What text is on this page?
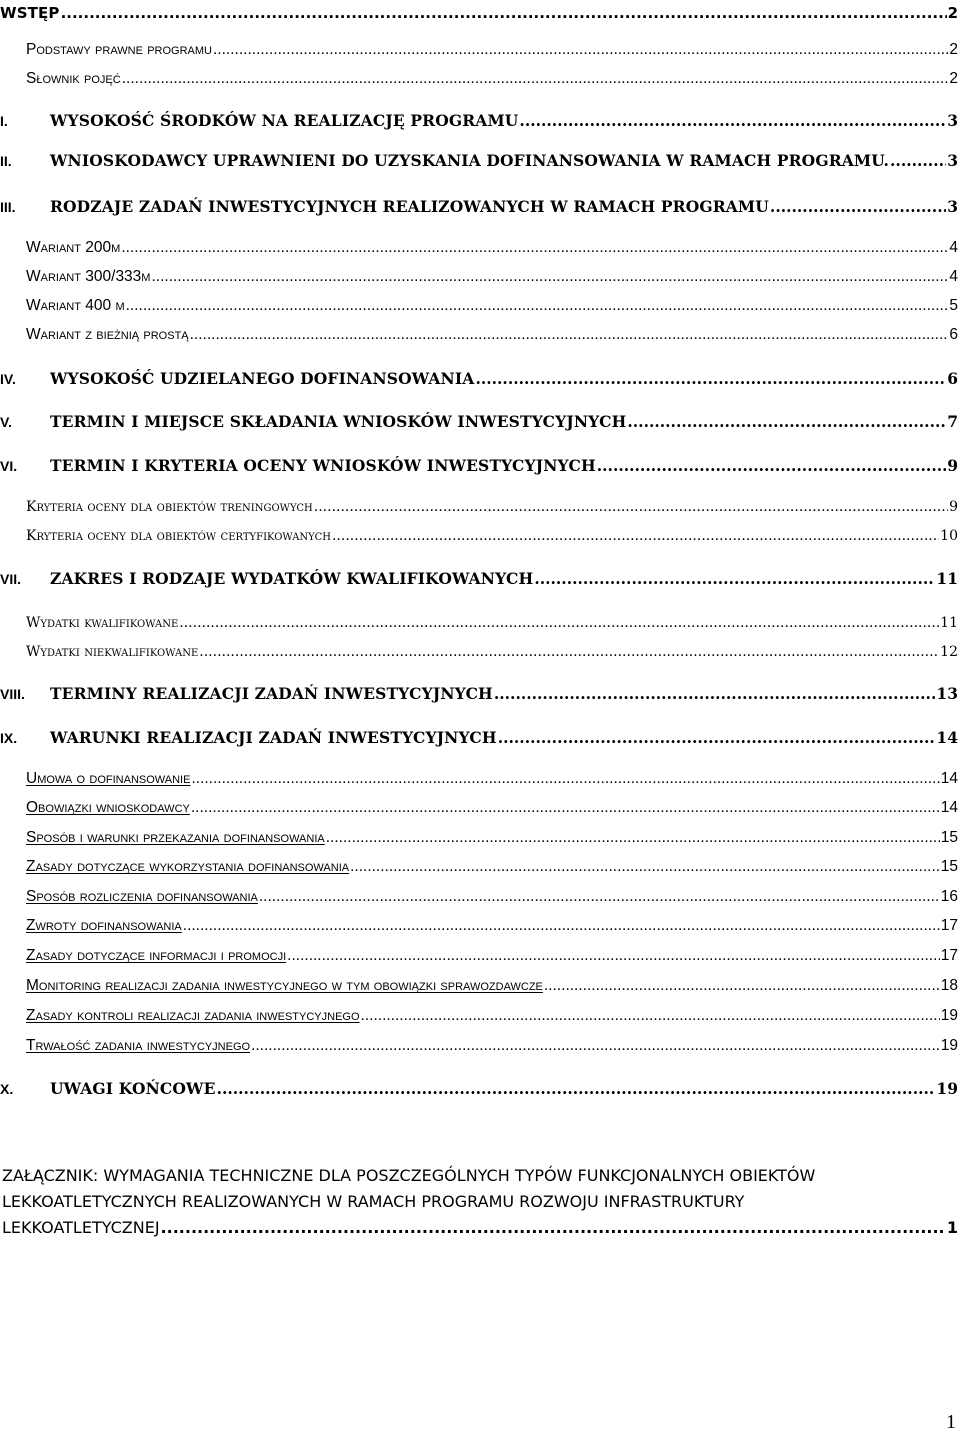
WSTĘP .....	2
Podstawy prawne programu .....	2
Słownik pojęć .....	2
I.	WYSOKOŚĆ ŚRODKÓW NA REALIZACJĘ PROGRAMU .....	3
II. WNIOSKODAWCY UPRAWNIENI DO UZYSKANIA DOFINANSOWANIA W RAMACH PROGRAMU. .....	3
III. RODZAJE ZADAŃ INWESTYCYJNYCH REALIZOWANYCH W RAMACH PROGRAMU .....	3
Wariant 200m .....	4
Wariant 300/333m .....	4
Wariant 400 m .....	5
Wariant z bieżnią prostą .....	6
IV. WYSOKOŚĆ UDZIELANEGO DOFINANSOWANIA .....	6
V. TERMIN I MIEJSCE SKŁADANIA WNIOSKÓW INWESTYCYJNYCH .....	7
VI. TERMIN I KRYTERIA OCENY WNIOSKÓW INWESTYCYJNYCH .....	9
Kryteria oceny dla obiektów treningowych .....	9
Kryteria oceny dla obiektów certyfikowanych .....	10
VII. ZAKRES I RODZAJE WYDATKÓW KWALIFIKOWANYCH .....	11
Wydatki kwalifikowane .....	11
Wydatki niekwalifikowane .....	12
VIII. TERMINY REALIZACJI ZADAŃ INWESTYCYJNYCH .....	13
IX. WARUNKI REALIZACJI ZADAŃ INWESTYCYJNYCH .....	14
Umowa o dofinansowanie .....	14
Obowiązki wnioskodawcy .....	14
Sposób i warunki przekazania dofinansowania .....	15
Zasady dotyczące wykorzystania dofinansowania .....	15
Sposób rozliczenia dofinansowania .....	16
Zwroty dofinansowania .....	17
Zasady dotyczące informacji i promocji .....	17
Monitoring realizacji zadania inwestycyjnego w tym obowiązki sprawozdawcze .....	18
Zasady kontroli realizacji zadania inwestycyjnego .....	19
Trwałość zadania inwestycyjnego .....	19
X. UWAGI KOŃCOWE .....	19
ZAŁĄCZNIK: WYMAGANIA TECHNICZNE DLA POSZCZEGÓLNYCH TYPÓW FUNKCJONALNYCH OBIEKTÓW
LEKKOATLETYCZNYCH REALIZOWANYCH W RAMACH PROGRAMU ROZWOJU INFRASTRUKTURY
LEKKOATLETYCZNEJ .....	1
1
